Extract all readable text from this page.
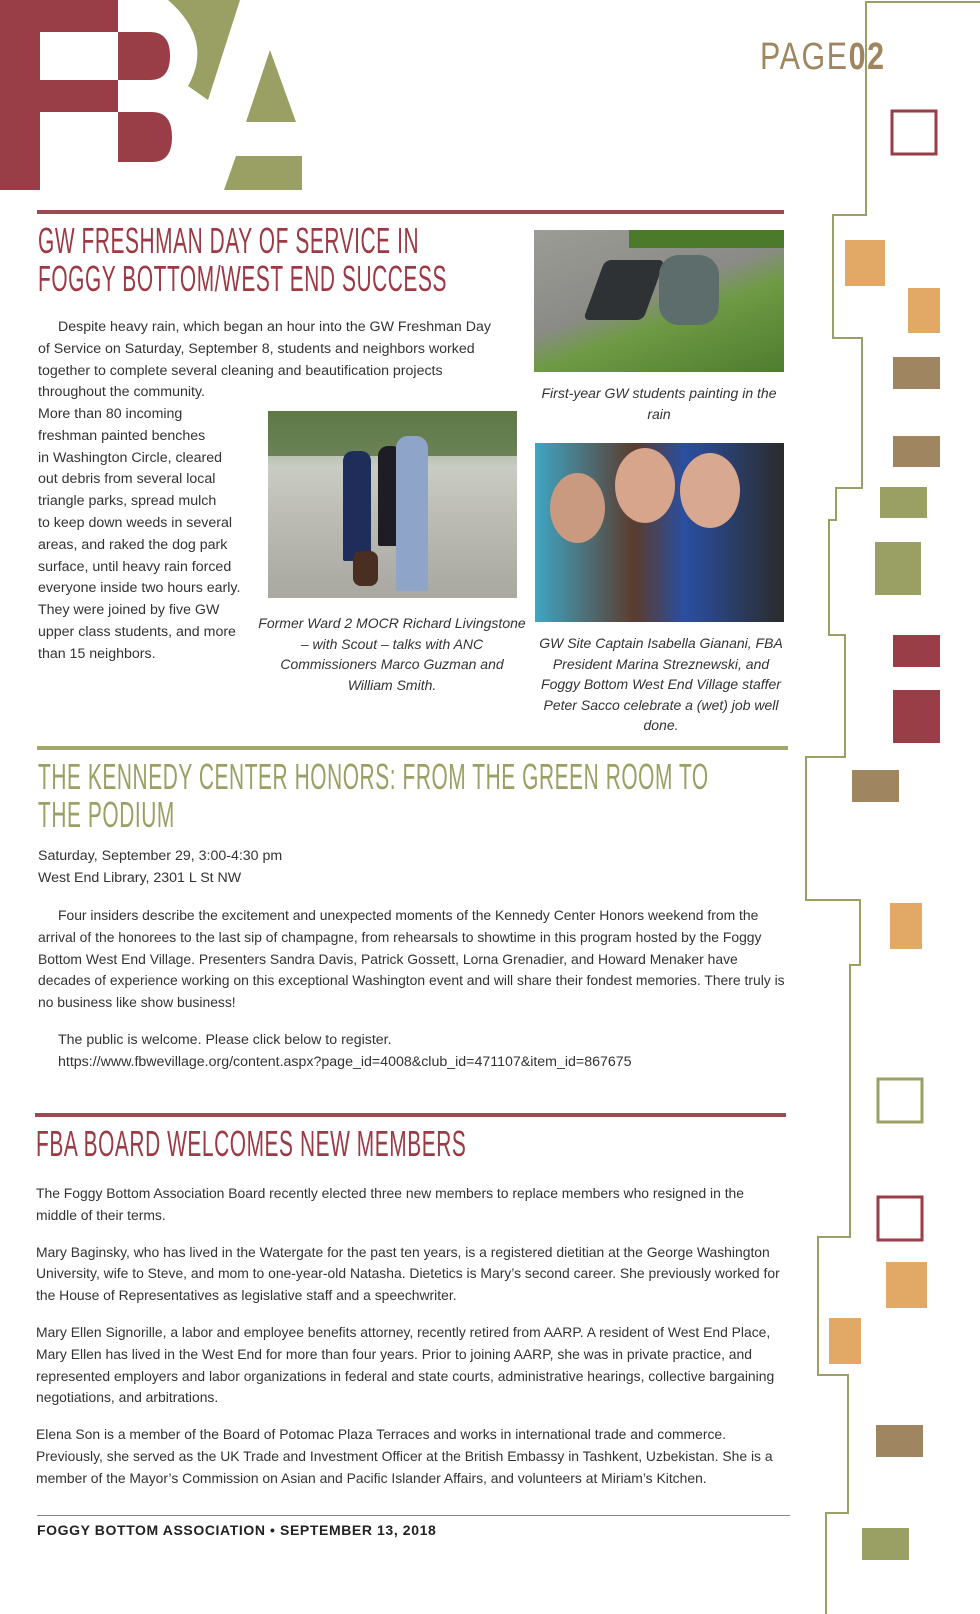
PAGE02
GW FRESHMAN DAY OF SERVICE IN
FOGGY BOTTOM/WEST END SUCCESS

Despite heavy rain, which began an hour into the GW Freshman Day of Service on Saturday, September 8, students and neighbors worked together to complete several cleaning and beautification projects throughout the community.

More than 80 incoming
freshman painted benches
in Washington Circle, cleared
out debris from several local
triangle parks, spread mulch
to keep down weeds in several
areas, and raked the dog park
surface, until heavy rain forced
everyone inside two hours early.
They were joined by five GW
upper class students, and more
than 15 neighbors.

First-year GW students painting in the rain

Former Ward 2 MOCR Richard Livingstone – with Scout – talks with ANC Commissioners Marco Guzman and William Smith.

GW Site Captain Isabella Gianani, FBA President Marina Streznewski, and Foggy Bottom West End Village staffer Peter Sacco celebrate a (wet) job well done.

THE KENNEDY CENTER HONORS: FROM THE GREEN ROOM TO
THE PODIUM
Saturday, September 29, 3:00-4:30 pm
West End Library, 2301 L St NW

Four insiders describe the excitement and unexpected moments of the Kennedy Center Honors weekend from the arrival of the honorees to the last sip of champagne, from rehearsals to showtime in this program hosted by the Foggy Bottom West End Village. Presenters Sandra Davis, Patrick Gossett, Lorna Grenadier, and Howard Menaker have decades of experience working on this exceptional Washington event and will share their fondest memories. There truly is no business like show business!

The public is welcome. Please click below to register.
https://www.fbwevillage.org/content.aspx?page_id=4008&club_id=471107&item_id=867675
FBA BOARD WELCOMES NEW MEMBERS

The Foggy Bottom Association Board recently elected three new members to replace members who resigned in the middle of their terms.

Mary Baginsky, who has lived in the Watergate for the past ten years, is a registered dietitian at the George Washington University, wife to Steve, and mom to one-year-old Natasha. Dietetics is Mary’s second career. She previously worked for the House of Representatives as legislative staff and a speechwriter.

Mary Ellen Signorille, a labor and employee benefits attorney, recently retired from AARP. A resident of West End Place, Mary Ellen has lived in the West End for more than four years. Prior to joining AARP, she was in private practice, and represented employers and labor organizations in federal and state courts, administrative hearings, collective bargaining negotiations, and arbitrations.

Elena Son is a member of the Board of Potomac Plaza Terraces and works in international trade and commerce. Previously, she served as the UK Trade and Investment Officer at the British Embassy in Tashkent, Uzbekistan. She is a member of the Mayor’s Commission on Asian and Pacific Islander Affairs, and volunteers at Miriam’s Kitchen.

FOGGY BOTTOM ASSOCIATION • SEPTEMBER 13, 2018
